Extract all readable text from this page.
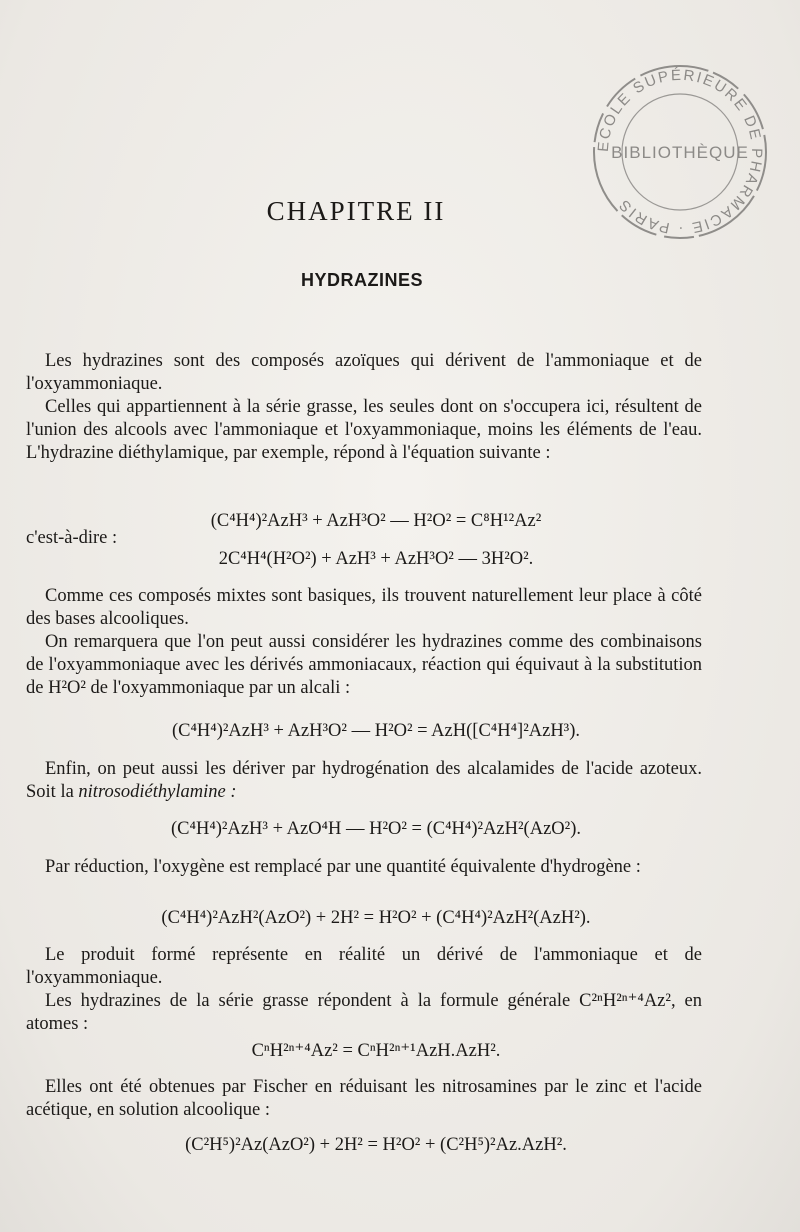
ECOLE SUPÉRIEURE DE PHARMACIE · PARIS
BIBLIOTHÈQUE
CHAPITRE II
HYDRAZINES

Les hydrazines sont des composés azoïques qui dérivent de l'ammoniaque et de l'oxyammoniaque.

Celles qui appartiennent à la série grasse, les seules dont on s'occupera ici, résultent de l'union des alcools avec l'ammoniaque et l'oxyammoniaque, moins les éléments de l'eau. L'hydrazine diéthylamique, par exemple, répond à l'équation suivante :

(C⁴H⁴)²AzH³ + AzH³O² — H²O² = C⁸H¹²Az²
c'est-à-dire :
2C⁴H⁴(H²O²) + AzH³ + AzH³O² — 3H²O².

Comme ces composés mixtes sont basiques, ils trouvent naturellement leur place à côté des bases alcooliques.

On remarquera que l'on peut aussi considérer les hydrazines comme des combinaisons de l'oxyammoniaque avec les dérivés ammoniacaux, réaction qui équivaut à la substitution de H²O² de l'oxyammoniaque par un alcali :

(C⁴H⁴)²AzH³ + AzH³O² — H²O² = AzH([C⁴H⁴]²AzH³).

Enfin, on peut aussi les dériver par hydrogénation des alcalamides de l'acide azoteux. Soit la nitrosodiéthylamine :

(C⁴H⁴)²AzH³ + AzO⁴H — H²O² = (C⁴H⁴)²AzH²(AzO²).

Par réduction, l'oxygène est remplacé par une quantité équivalente d'hydrogène :

(C⁴H⁴)²AzH²(AzO²) + 2H² = H²O² + (C⁴H⁴)²AzH²(AzH²).

Le produit formé représente en réalité un dérivé de l'ammoniaque et de l'oxyammoniaque.

Les hydrazines de la série grasse répondent à la formule générale C²ⁿH²ⁿ⁺⁴Az², en atomes :

CⁿH²ⁿ⁺⁴Az² = CⁿH²ⁿ⁺¹AzH.AzH².

Elles ont été obtenues par Fischer en réduisant les nitrosamines par le zinc et l'acide acétique, en solution alcoolique :

(C²H⁵)²Az(AzO²) + 2H² = H²O² + (C²H⁵)²Az.AzH².
